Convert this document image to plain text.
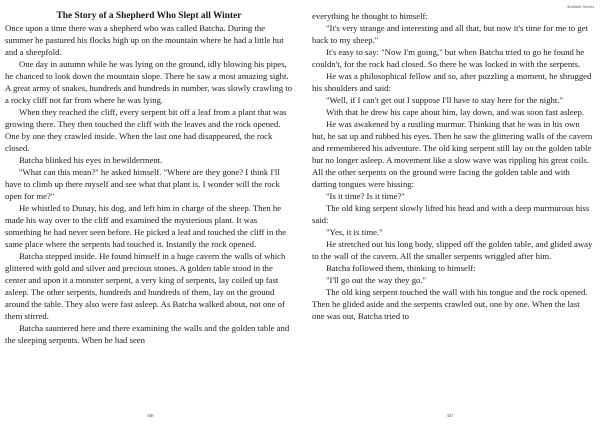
The Story of a Shepherd Who Slept all Winter

Once upon a time there was a shepherd who was called Batcha. During the summer he pastured his flocks high up on the mountain where he had a little hut and a sheepfold.

One day in autumn while he was lying on the ground, idly blowing his pipes, he chanced to look down the mountain slope. There he saw a most amazing sight. A great army of snakes, hundreds and hundreds in number, was slowly crawling to a rocky cliff not far from where he was lying.

When they reached the cliff, every serpent bit off a leaf from a plant that was growing there. They then touched the cliff with the leaves and the rock opened. One by one they crawled inside. When the last one had disappeared, the rock closed.

Batcha blinked his eyes in bewilderment.

"What can this mean?" he asked himself. "Where are they gone? I think I'll have to climb up there myself and see what that plant is. I wonder will the rock open for me?"

He whistled to Dunay, his dog, and left him in charge of the sheep. Then he made his way over to the cliff and examined the mysterious plant. It was something he had never seen before. He picked a leaf and touched the cliff in the same place where the serpents had touched it. Instantly the rock opened.

Batcha stepped inside. He found himself in a huge cavern the walls of which glittered with gold and silver and precious stones. A golden table stood in the center and upon it a monster serpent, a very king of serpents, lay coiled up fast asleep. The other serpents, hundreds and hundreds of them, lay on the ground around the table. They also were fast asleep. As Batcha walked about, not one of them stirred.

Batcha sauntered here and there examining the walls and the golden table and the sleeping serpents. When he had seen

346
Available Stories

everything he thought to himself:

"It's very strange and interesting and all that, but now it's time for me to get back to my sheep."

It's easy to say: "Now I'm going," but when Batcha tried to go he found he couldn't, for the rock had closed. So there he was locked in with the serpents.

He was a philosophical fellow and so, after puzzling a moment, he shrugged his shoulders and said:

"Well, if I can't get out I suppose I'll have to stay here for the night."

With that he drew his cape about him, lay down, and was soon fast asleep.

He was awakened by a rustling murmur. Thinking that he was in his own hut, he sat up and rubbed his eyes. Then he saw the glittering walls of the cavern and remembered his adventure. The old king serpent still lay on the golden table but no longer asleep. A movement like a slow wave was rippling his great coils. All the other serpents on the ground were facing the golden table and with darting tongues were hissing:

"Is it time? Is it time?"

The old king serpent slowly lifted his head and with a deep murmurous hiss said:

"Yes, it is time."

He stretched out his long body, slipped off the golden table, and glided away to the wall of the cavern. All the smaller serpents wriggled after him.

Batcha followed them, thinking to himself:

"I'll go out the way they go."

The old king serpent touched the wall with his tongue and the rock opened. Then he glided aside and the serpents crawled out, one by one. When the last one was out, Batcha tried to

347
